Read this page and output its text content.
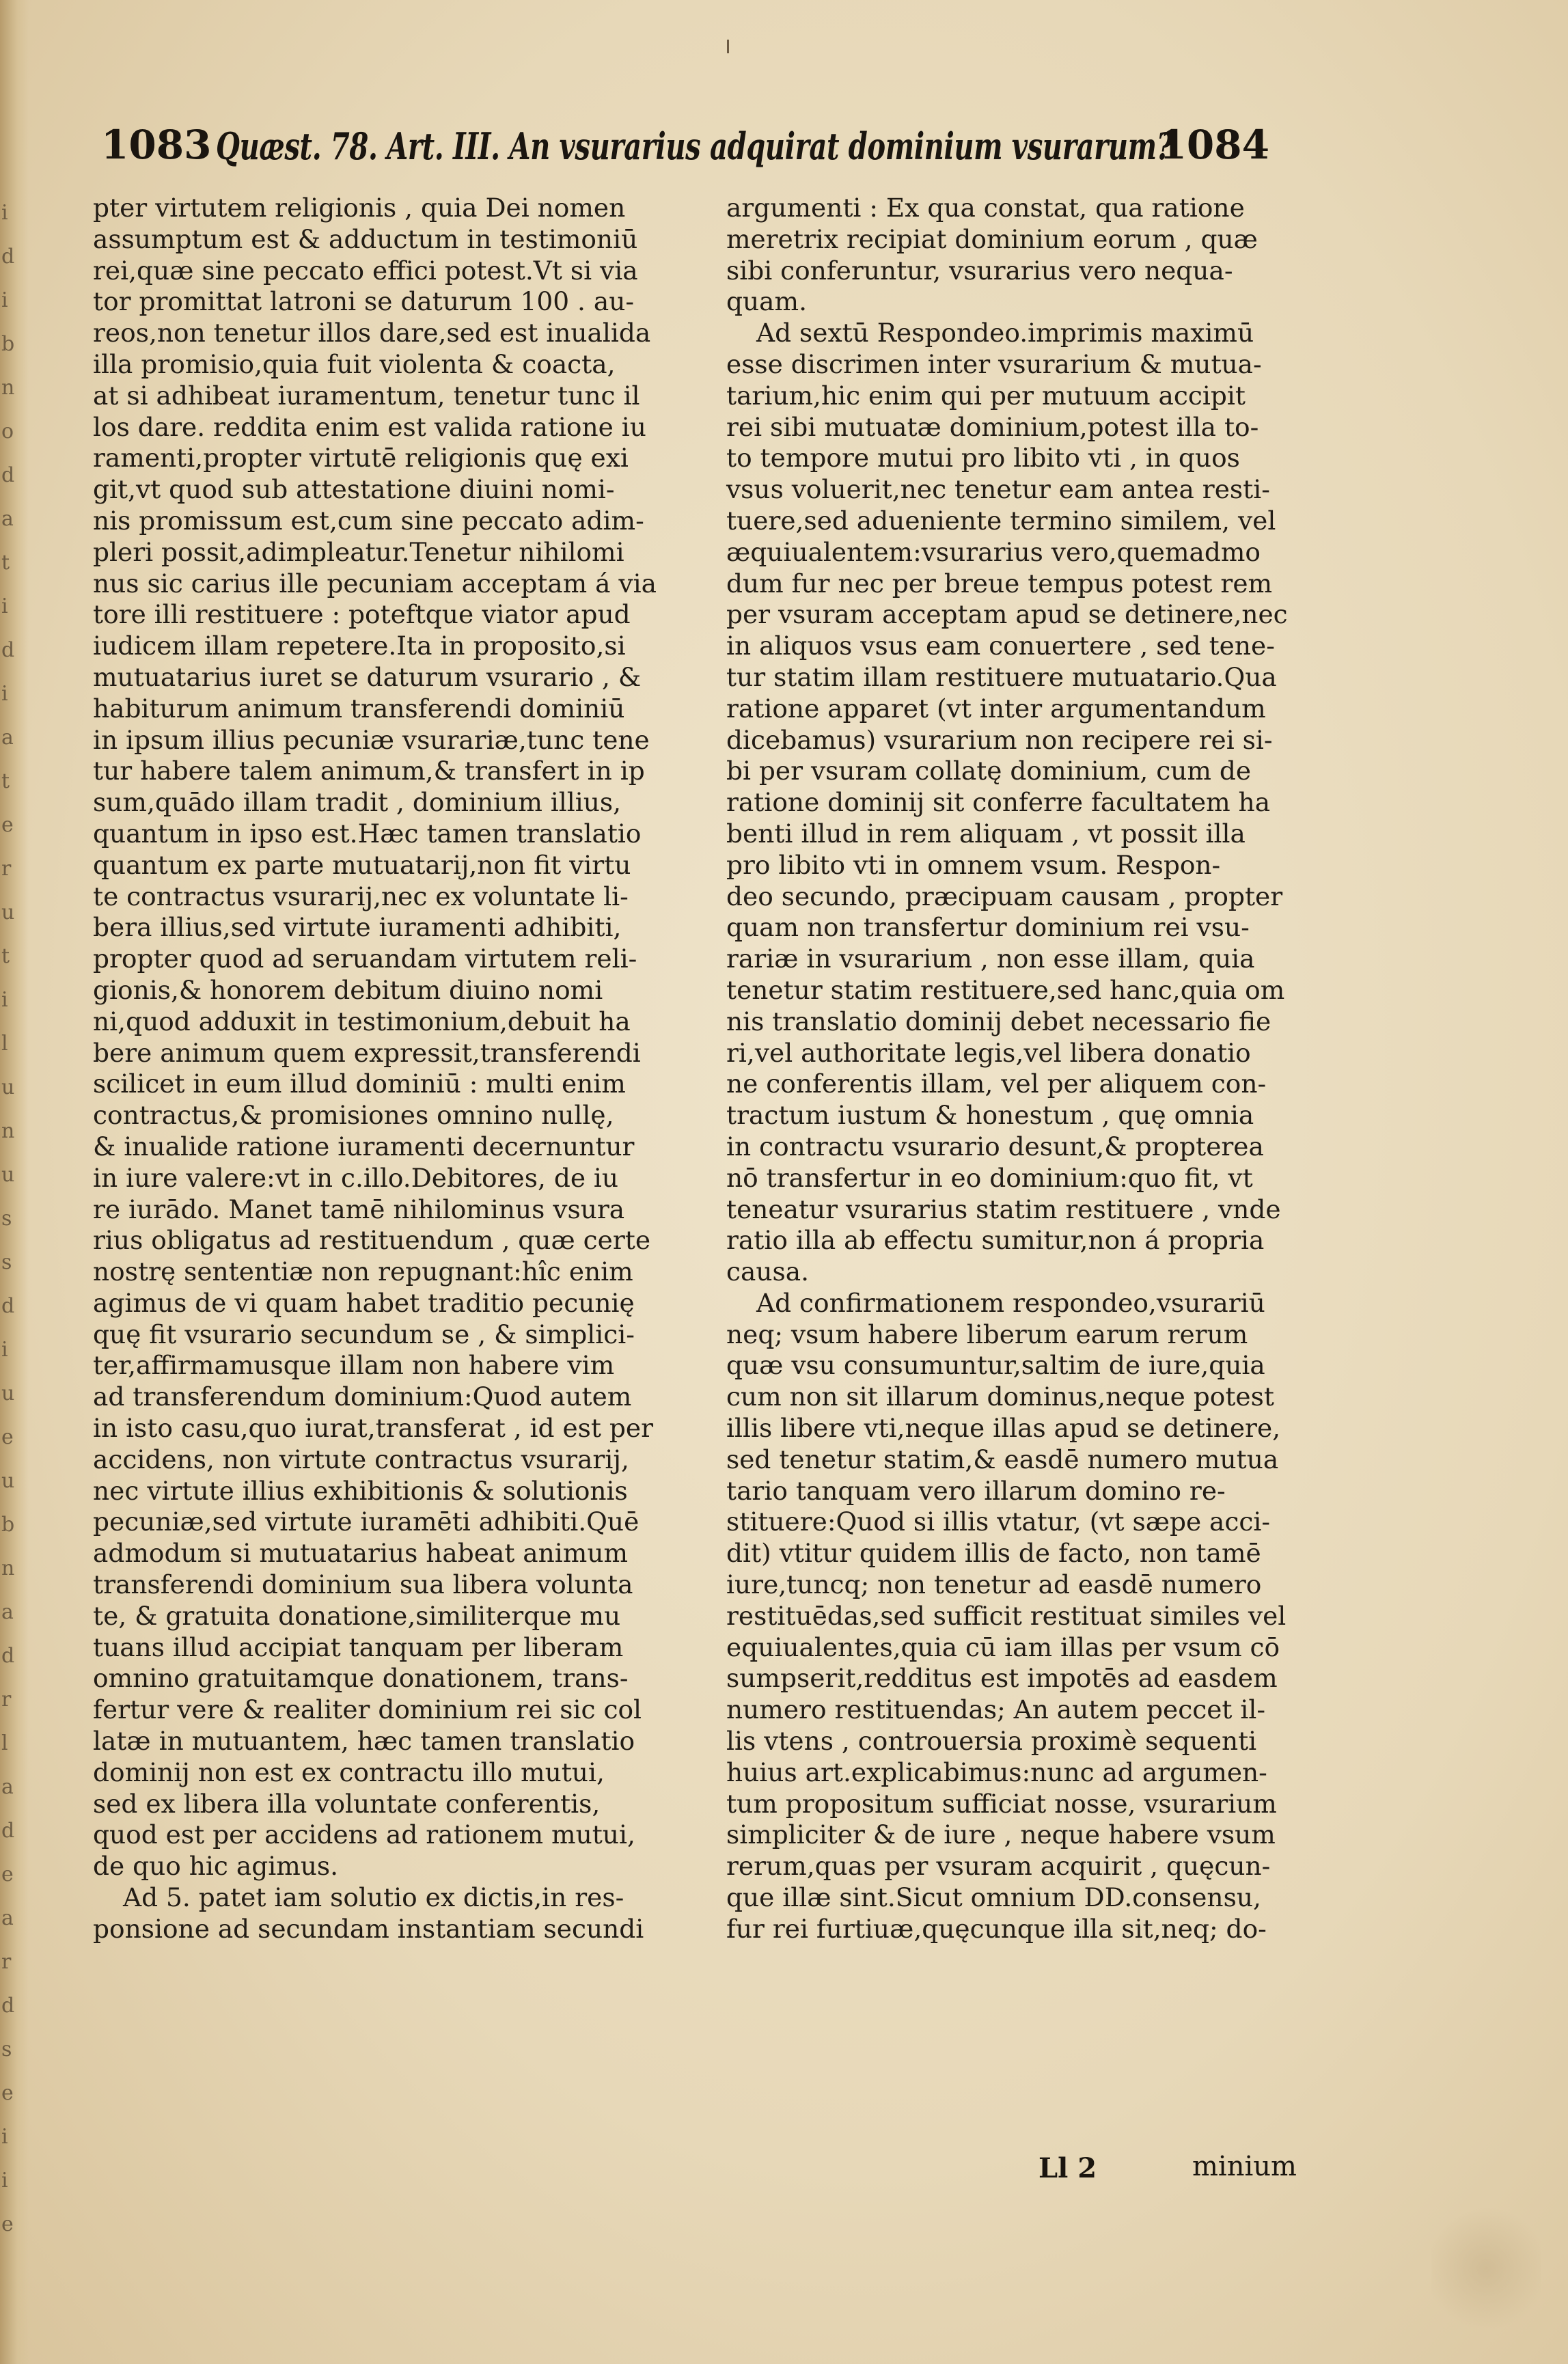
i d i b n o d a t i d i a t e r u t i l u n u s s d i u e u b n a d r l a d e a r d s e i i e
1083 Quæst. 78. Art. III. An vsurarius adquirat dominium vsurarum?
1084
pter virtutem religionis , quia Dei nomen
assumptum est & adductum in testimoniū
rei,quæ sine peccato effici potest.Vt si via
tor promittat latroni se daturum 100 . au-
reos,non tenetur illos dare,sed est inualida
illa promisio,quia fuit violenta & coacta,
at si adhibeat iuramentum, tenetur tunc il
los dare. reddita enim est valida ratione iu
ramenti,propter virtutē religionis quę exi
git,vt quod sub attestatione diuini nomi-
nis promissum est,cum sine peccato adim-
pleri possit,adimpleatur.Tenetur nihilomi
nus sic carius ille pecuniam acceptam á via
tore illi restituere : poteftque viator apud
iudicem illam repetere.Ita in proposito,si
mutuatarius iuret se daturum vsurario , &
habiturum animum transferendi dominiū
in ipsum illius pecuniæ vsurariæ,tunc tene
tur habere talem animum,& transfert in ip
sum,quādo illam tradit , dominium illius,
quantum in ipso est.Hæc tamen translatio
quantum ex parte mutuatarij,non fit virtu
te contractus vsurarij,nec ex voluntate li-
bera illius,sed virtute iuramenti adhibiti,
propter quod ad seruandam virtutem reli-
gionis,& honorem debitum diuino nomi
ni,quod adduxit in testimonium,debuit ha
bere animum quem expressit,transferendi
scilicet in eum illud dominiū : multi enim
contractus,& promisiones omnino nullę,
& inualide ratione iuramenti decernuntur
in iure valere:vt in c.illo.Debitores, de iu
re iurādo. Manet tamē nihilominus vsura
rius obligatus ad restituendum , quæ certe
nostrę sententiæ non repugnant:hîc enim
agimus de vi quam habet traditio pecunię
quę fit vsurario secundum se , & simplici-
ter,affirmamusque illam non habere vim
ad transferendum dominium:Quod autem
in isto casu,quo iurat,transferat , id est per
accidens, non virtute contractus vsurarij,
nec virtute illius exhibitionis & solutionis
pecuniæ,sed virtute iuramēti adhibiti.Quē
admodum si mutuatarius habeat animum
transferendi dominium sua libera volunta
te, & gratuita donatione,similiterque mu
tuans illud accipiat tanquam per liberam
omnino gratuitamque donationem, trans-
fertur vere & realiter dominium rei sic col
latæ in mutuantem, hæc tamen translatio
dominij non est ex contractu illo mutui,
sed ex libera illa voluntate conferentis,
quod est per accidens ad rationem mutui,
de quo hic agimus.
Ad 5. patet iam solutio ex dictis,in res-
ponsione ad secundam instantiam secundi
argumenti : Ex qua constat, qua ratione
meretrix recipiat dominium eorum , quæ
sibi conferuntur, vsurarius vero nequa-
quam.
Ad sextū Respondeo.imprimis maximū
esse discrimen inter vsurarium & mutua-
tarium,hic enim qui per mutuum accipit
rei sibi mutuatæ dominium,potest illa to-
to tempore mutui pro libito vti , in quos
vsus voluerit,nec tenetur eam antea resti-
tuere,sed adueniente termino similem, vel
æquiualentem:vsurarius vero,quemadmo
dum fur nec per breue tempus potest rem
per vsuram acceptam apud se detinere,nec
in aliquos vsus eam conuertere , sed tene-
tur statim illam restituere mutuatario.Qua
ratione apparet (vt inter argumentandum
dicebamus) vsurarium non recipere rei si-
bi per vsuram collatę dominium, cum de
ratione dominij sit conferre facultatem ha
benti illud in rem aliquam , vt possit illa
pro libito vti in omnem vsum. Respon-
deo secundo, præcipuam causam , propter
quam non transfertur dominium rei vsu-
rariæ in vsurarium , non esse illam, quia
tenetur statim restituere,sed hanc,quia om
nis translatio dominij debet necessario fie
ri,vel authoritate legis,vel libera donatio
ne conferentis illam, vel per aliquem con-
tractum iustum & honestum , quę omnia
in contractu vsurario desunt,& propterea
nō transfertur in eo dominium:quo fit, vt
teneatur vsurarius statim restituere , vnde
ratio illa ab effectu sumitur,non á propria
causa.
Ad confirmationem respondeo,vsurariū
neq; vsum habere liberum earum rerum
quæ vsu consumuntur,saltim de iure,quia
cum non sit illarum dominus,neque potest
illis libere vti,neque illas apud se detinere,
sed tenetur statim,& easdē numero mutua
tario tanquam vero illarum domino re-
stituere:Quod si illis vtatur, (vt sæpe acci-
dit) vtitur quidem illis de facto, non tamē
iure,tuncq; non tenetur ad easdē numero
restituēdas,sed sufficit restituat similes vel
equiualentes,quia cū iam illas per vsum cō
sumpserit,redditus est impotēs ad easdem
numero restituendas; An autem peccet il-
lis vtens , controuersia proximè sequenti
huius art.explicabimus:nunc ad argumen-
tum propositum sufficiat nosse, vsurarium
simpliciter & de iure , neque habere vsum
rerum,quas per vsuram acquirit , quęcun-
que illæ sint.Sicut omnium DD.consensu,
fur rei furtiuæ,quęcunque illa sit,neq; do-
Ll 2	minium
